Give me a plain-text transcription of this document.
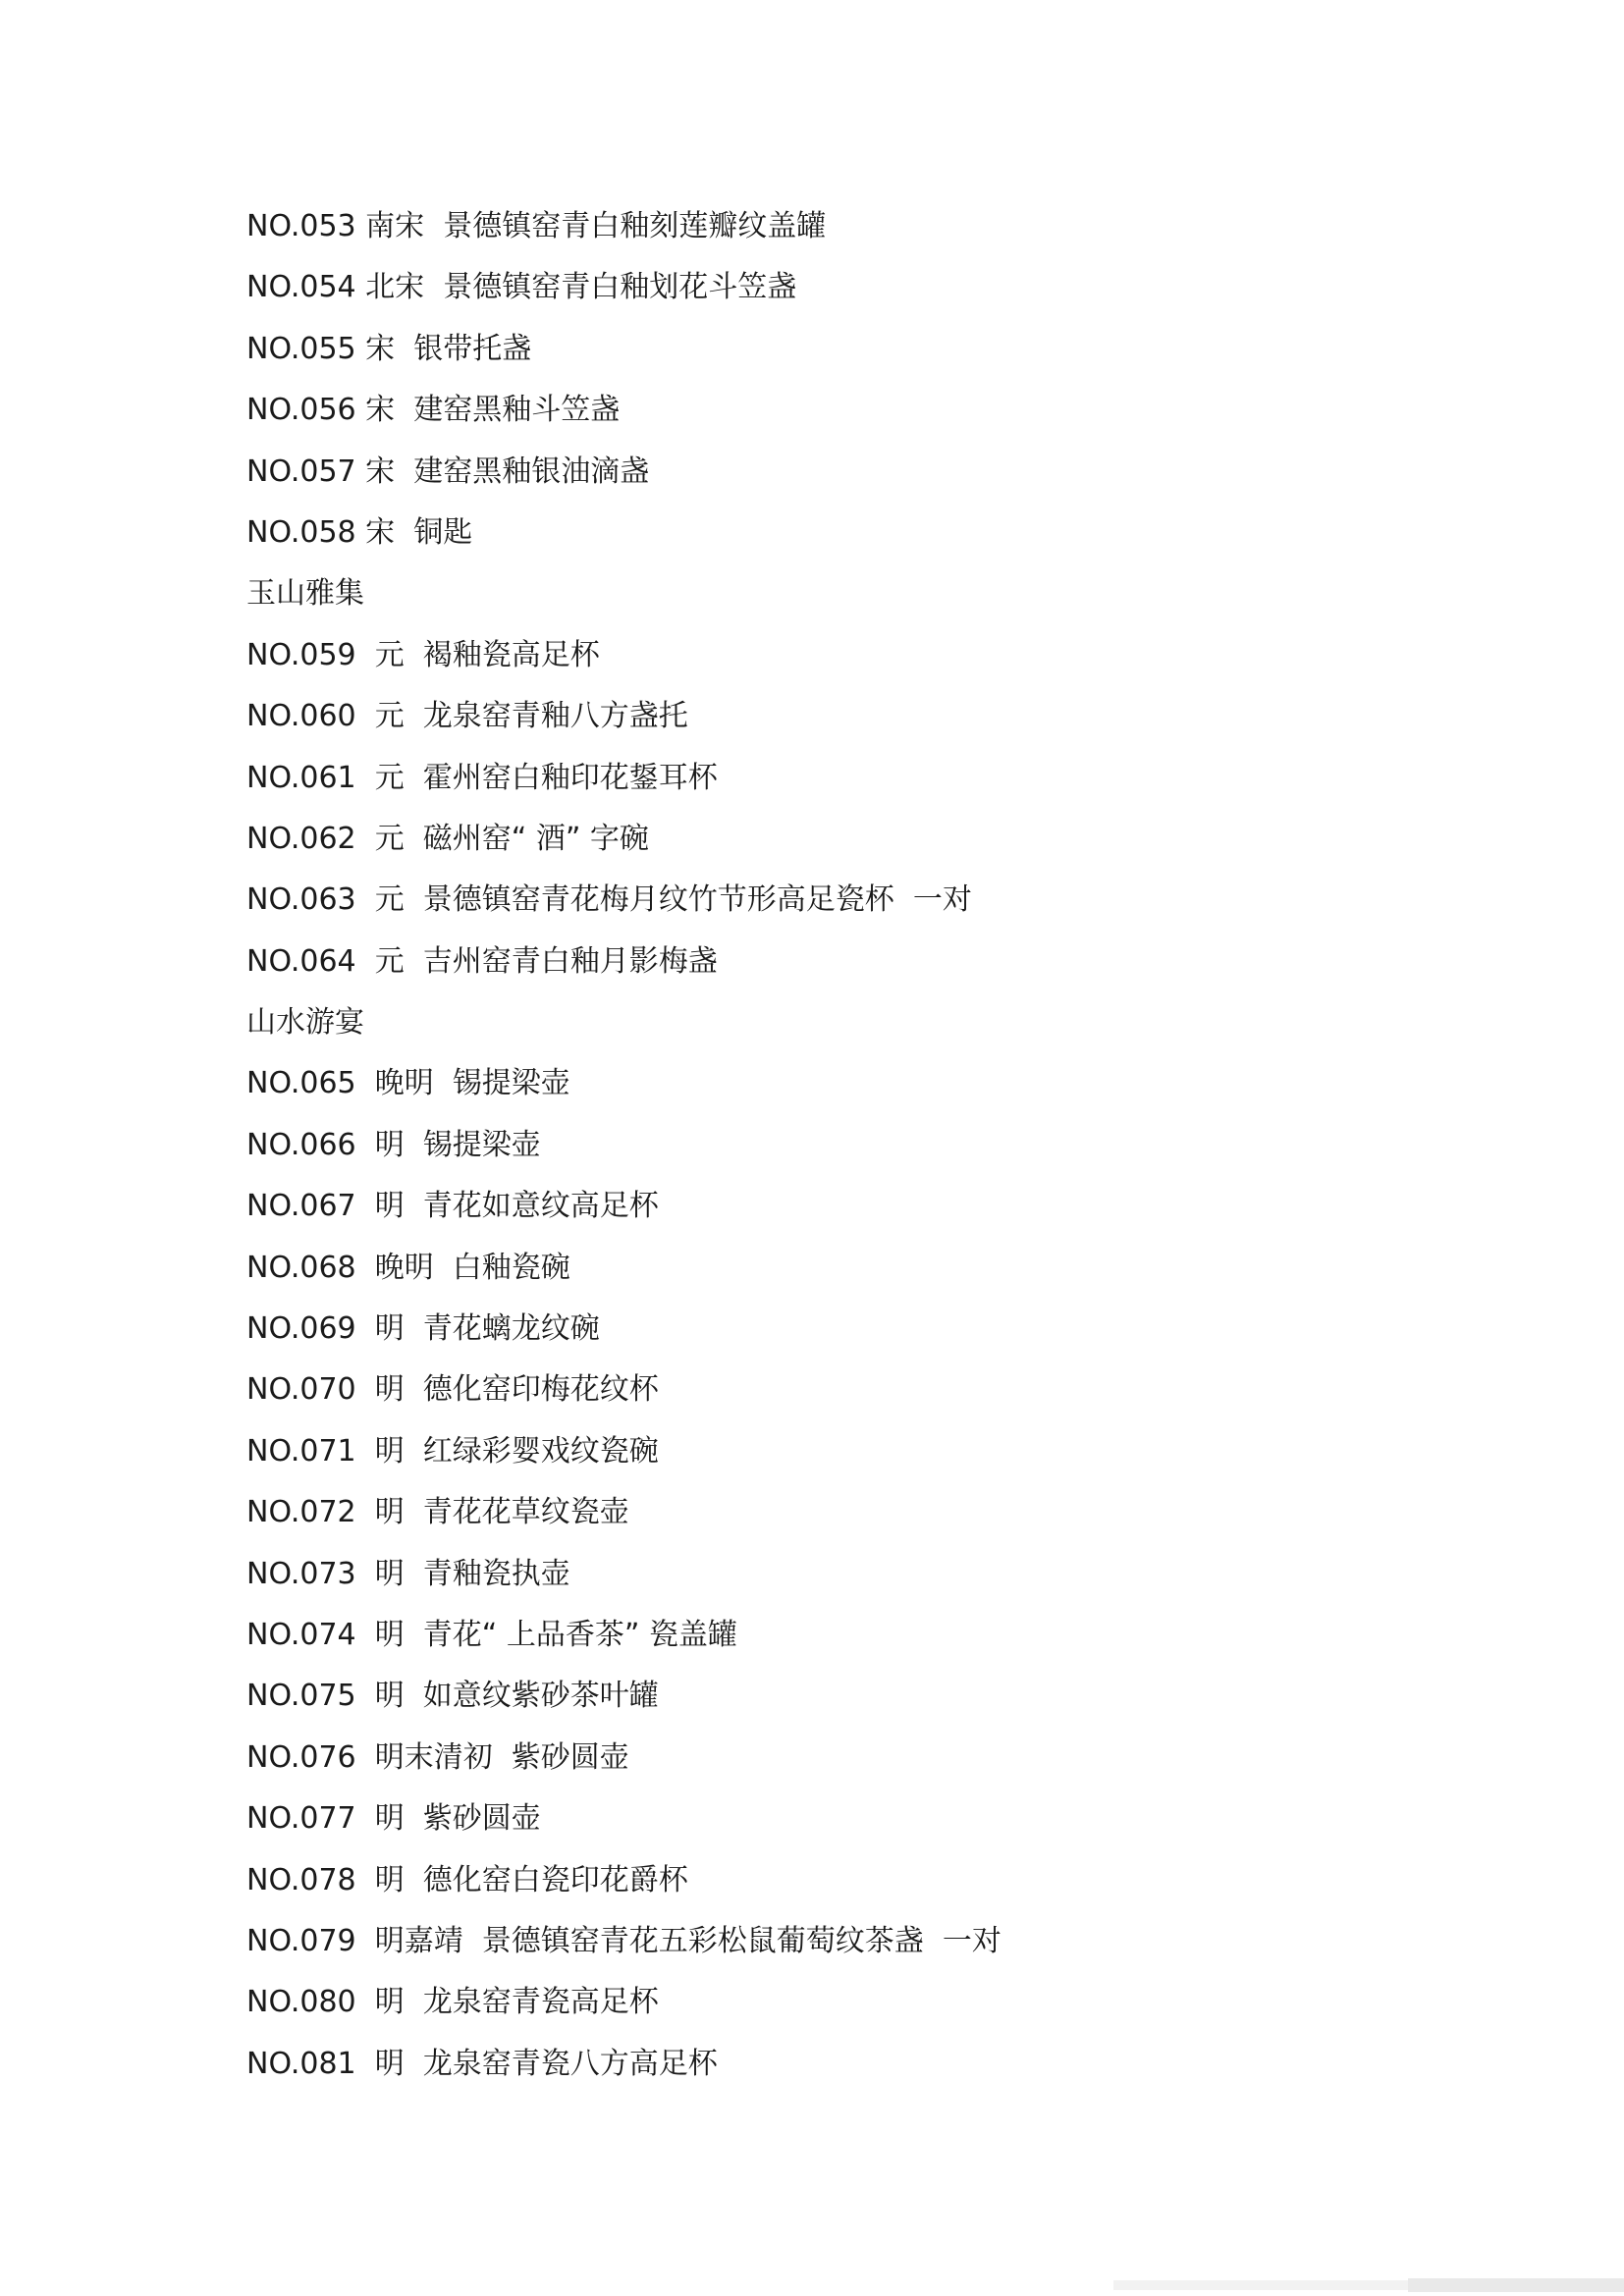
NO.053 南宋  景德镇窑青白釉刻莲瓣纹盖罐
NO.054 北宋  景德镇窑青白釉划花斗笠盏
NO.055 宋  银带托盏
NO.056 宋  建窑黑釉斗笠盏
NO.057 宋  建窑黑釉银油滴盏
NO.058 宋  铜匙
玉山雅集
NO.059  元  褐釉瓷高足杯
NO.060  元  龙泉窑青釉八方盏托
NO.061  元  霍州窑白釉印花鋬耳杯
NO.062  元  磁州窑“ 酒” 字碗
NO.063  元  景德镇窑青花梅月纹竹节形高足瓷杯  一对
NO.064  元  吉州窑青白釉月影梅盏
山水游宴
NO.065  晚明  锡提梁壶
NO.066  明  锡提梁壶
NO.067  明  青花如意纹高足杯
NO.068  晚明  白釉瓷碗
NO.069  明  青花螭龙纹碗
NO.070  明  德化窑印梅花纹杯
NO.071  明  红绿彩婴戏纹瓷碗
NO.072  明  青花花草纹瓷壶
NO.073  明  青釉瓷执壶
NO.074  明  青花“ 上品香茶” 瓷盖罐
NO.075  明  如意纹紫砂茶叶罐
NO.076  明末清初  紫砂圆壶
NO.077  明  紫砂圆壶
NO.078  明  德化窑白瓷印花爵杯
NO.079  明嘉靖  景德镇窑青花五彩松鼠葡萄纹茶盏  一对
NO.080  明  龙泉窑青瓷高足杯
NO.081  明  龙泉窑青瓷八方高足杯
